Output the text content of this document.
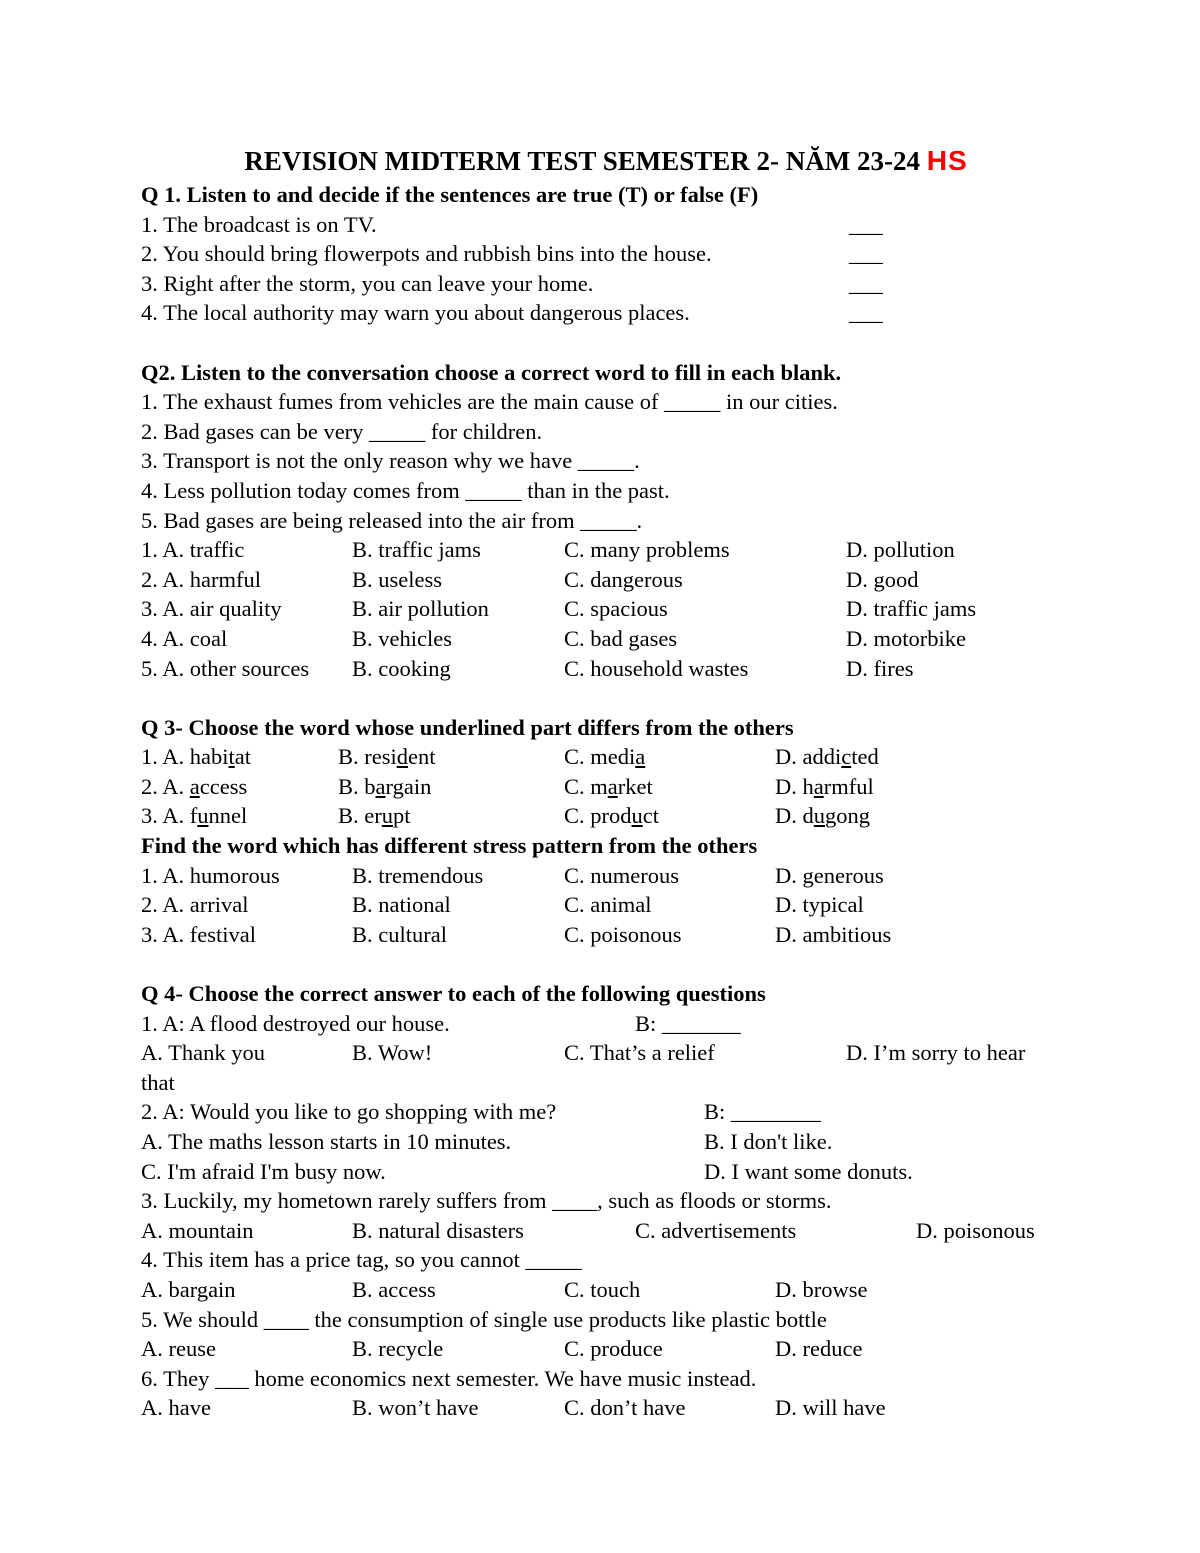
REVISION MIDTERM TEST SEMESTER 2- NĂM 23-24 HS
Q 1. Listen to and decide if the sentences are true (T) or false (F)
1. The broadcast is on TV.	___
2. You should bring flowerpots and rubbish bins into the house.	___
3. Right after the storm, you can leave your home.	___
4. The local authority may warn you about dangerous places.	___
Q2. Listen to the conversation choose a correct word to fill in each blank.
1. The exhaust fumes from vehicles are the main cause of _____ in our cities.
2. Bad gases can be very _____ for children.
3. Transport is not the only reason why we have _____.
4. Less pollution today comes from _____ than in the past.
5. Bad gases are being released into the air from _____.
1. A. traffic	B. traffic jams	C. many problems	D. pollution
2. A. harmful	B. useless	C. dangerous	D. good
3. A. air quality	B. air pollution	C. spacious	D. traffic jams
4. A. coal	B. vehicles	C. bad gases	D. motorbike
5. A. other sources B. cooking	C. household wastes	D. fires
Q 3- Choose the word whose underlined part differs from the others
1. A. habitat	B. resident	C. media	D. addicted
2. A. access	B. bargain	C. market	D. harmful
3. A. funnel	B. erupt	C. product	D. dugong
Find the word which has different stress pattern from the others
1. A. humorous	B. tremendous	C. numerous	D. generous
2. A. arrival	B. national	C. animal	D. typical
3. A. festival	B. cultural	C. poisonous	D. ambitious
Q 4- Choose the correct answer to each of the following questions
1. A: A flood destroyed our house.	B: _______
A. Thank you	B. Wow!	C. That’s a relief	D. I’m sorry to hear
that
2. A: Would you like to go shopping with me?	B: ________
A. The maths lesson starts in 10 minutes.	B. I don't like.
C. I'm afraid I'm busy now.	D. I want some donuts.
3. Luckily, my hometown rarely suffers from ____, such as floods or storms.
A. mountain	B. natural disasters	C. advertisements	D. poisonous
4. This item has a price tag, so you cannot _____
A. bargain	B. access	C. touch	D. browse
5. We should ____ the consumption of single use products like plastic bottle
A. reuse	B. recycle	C. produce	D. reduce
6. They ___ home economics next semester. We have music instead.
A. have	B. won’t have	C. don’t have	D. will have
